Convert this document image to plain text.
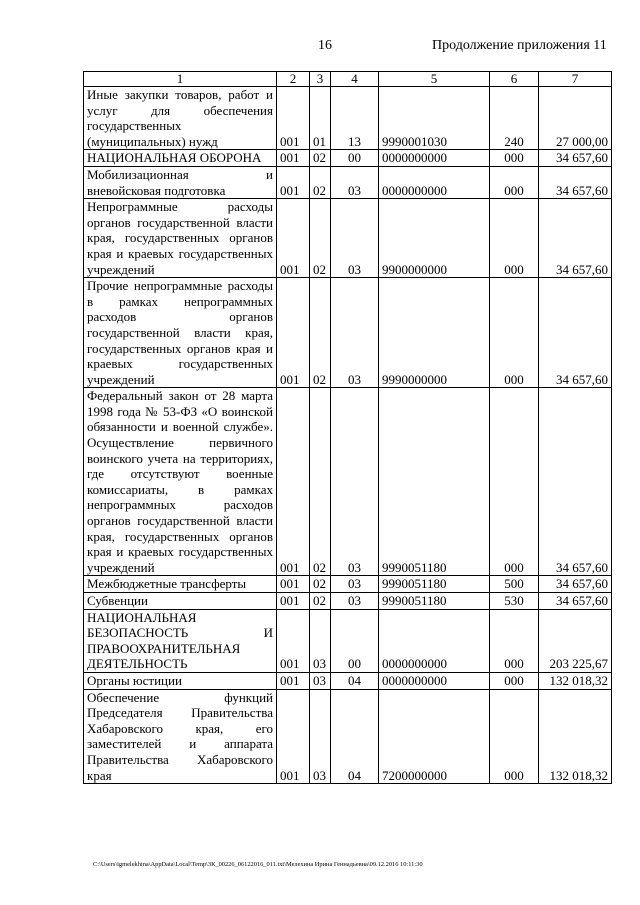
16	Продолжение приложения 11
1	2	3	4	5	6	7
Иные закупки товаров, работ и услуг для обеспечения государственных (муниципальных) нужд	001	01	13	9990001030	240	27 000,00
НАЦИОНАЛЬНАЯ ОБОРОНА	001	02	00	0000000000	000	34 657,60
Мобилизационная и вневойсковая подготовка	001	02	03	0000000000	000	34 657,60
Непрограммные расходы органов государственной власти края, государственных органов края и краевых государственных учреждений	001	02	03	9900000000	000	34 657,60
Прочие непрограммные расходы в рамках непрограммных расходов органов государственной власти края, государственных органов края и краевых государственных учреждений	001	02	03	9990000000	000	34 657,60
Федеральный закон от 28 марта 1998 года № 53-ФЗ «О воинской обязанности и военной службе». Осуществление первичного воинского учета на территориях, где отсутствуют военные комиссариаты, в рамках непрограммных расходов органов государственной власти края, государственных органов края и краевых государственных учреждений	001	02	03	9990051180	000	34 657,60
Межбюджетные трансферты	001	02	03	9990051180	500	34 657,60
Субвенции	001	02	03	9990051180	530	34 657,60
НАЦИОНАЛЬНАЯ БЕЗОПАСНОСТЬ И ПРАВООХРАНИТЕЛЬНАЯ ДЕЯТЕЛЬНОСТЬ	001	03	00	0000000000	000	203 225,67
Органы юстиции	001	03	04	0000000000	000	132 018,32
Обеспечение функций Председателя Правительства Хабаровского края, его заместителей и аппарата Правительства Хабаровского края	001	03	04	7200000000	000	132 018,32
C:\Users\igmelekhina\AppData\Local\Temp\ЗК_00226_06122016_011.txt\Мелехина Ирина Геннадьевна\09.12.2016 10:11:30
